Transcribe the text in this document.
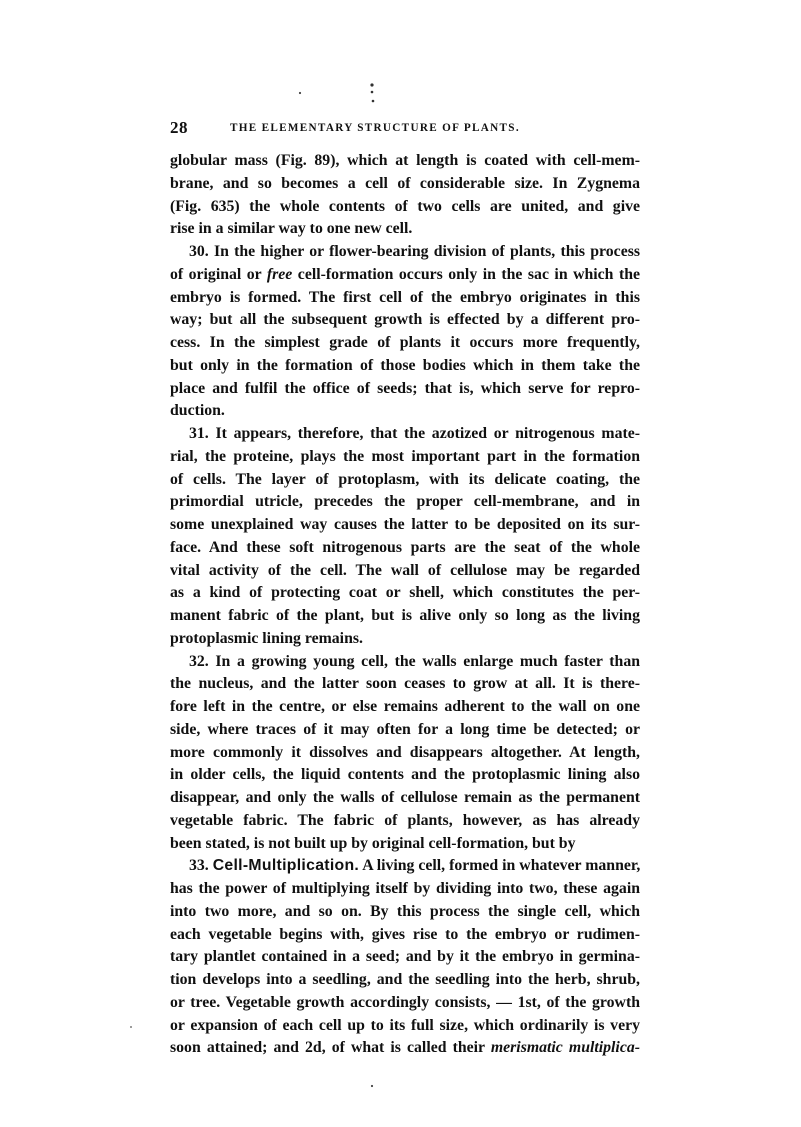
28	THE ELEMENTARY STRUCTURE OF PLANTS.
globular mass (Fig. 89), which at length is coated with cell-mem-
brane, and so becomes a cell of considerable size. In Zygnema
(Fig. 635) the whole contents of two cells are united, and give
rise in a similar way to one new cell.
30. In the higher or flower-bearing division of plants, this process
of original or free cell-formation occurs only in the sac in which the
embryo is formed. The first cell of the embryo originates in this
way; but all the subsequent growth is effected by a different pro-
cess. In the simplest grade of plants it occurs more frequently,
but only in the formation of those bodies which in them take the
place and fulfil the office of seeds; that is, which serve for repro-
duction.
31. It appears, therefore, that the azotized or nitrogenous mate-
rial, the proteine, plays the most important part in the formation
of cells. The layer of protoplasm, with its delicate coating, the
primordial utricle, precedes the proper cell-membrane, and in
some unexplained way causes the latter to be deposited on its sur-
face. And these soft nitrogenous parts are the seat of the whole
vital activity of the cell. The wall of cellulose may be regarded
as a kind of protecting coat or shell, which constitutes the per-
manent fabric of the plant, but is alive only so long as the living
protoplasmic lining remains.
32. In a growing young cell, the walls enlarge much faster than
the nucleus, and the latter soon ceases to grow at all. It is there-
fore left in the centre, or else remains adherent to the wall on one
side, where traces of it may often for a long time be detected; or
more commonly it dissolves and disappears altogether. At length,
in older cells, the liquid contents and the protoplasmic lining also
disappear, and only the walls of cellulose remain as the permanent
vegetable fabric. The fabric of plants, however, as has already
been stated, is not built up by original cell-formation, but by
33. Cell-Multiplication. A living cell, formed in whatever manner,
has the power of multiplying itself by dividing into two, these again
into two more, and so on. By this process the single cell, which
each vegetable begins with, gives rise to the embryo or rudimen-
tary plantlet contained in a seed; and by it the embryo in germina-
tion develops into a seedling, and the seedling into the herb, shrub,
or tree. Vegetable growth accordingly consists, — 1st, of the growth
or expansion of each cell up to its full size, which ordinarily is very
soon attained; and 2d, of what is called their merismatic multiplica-
